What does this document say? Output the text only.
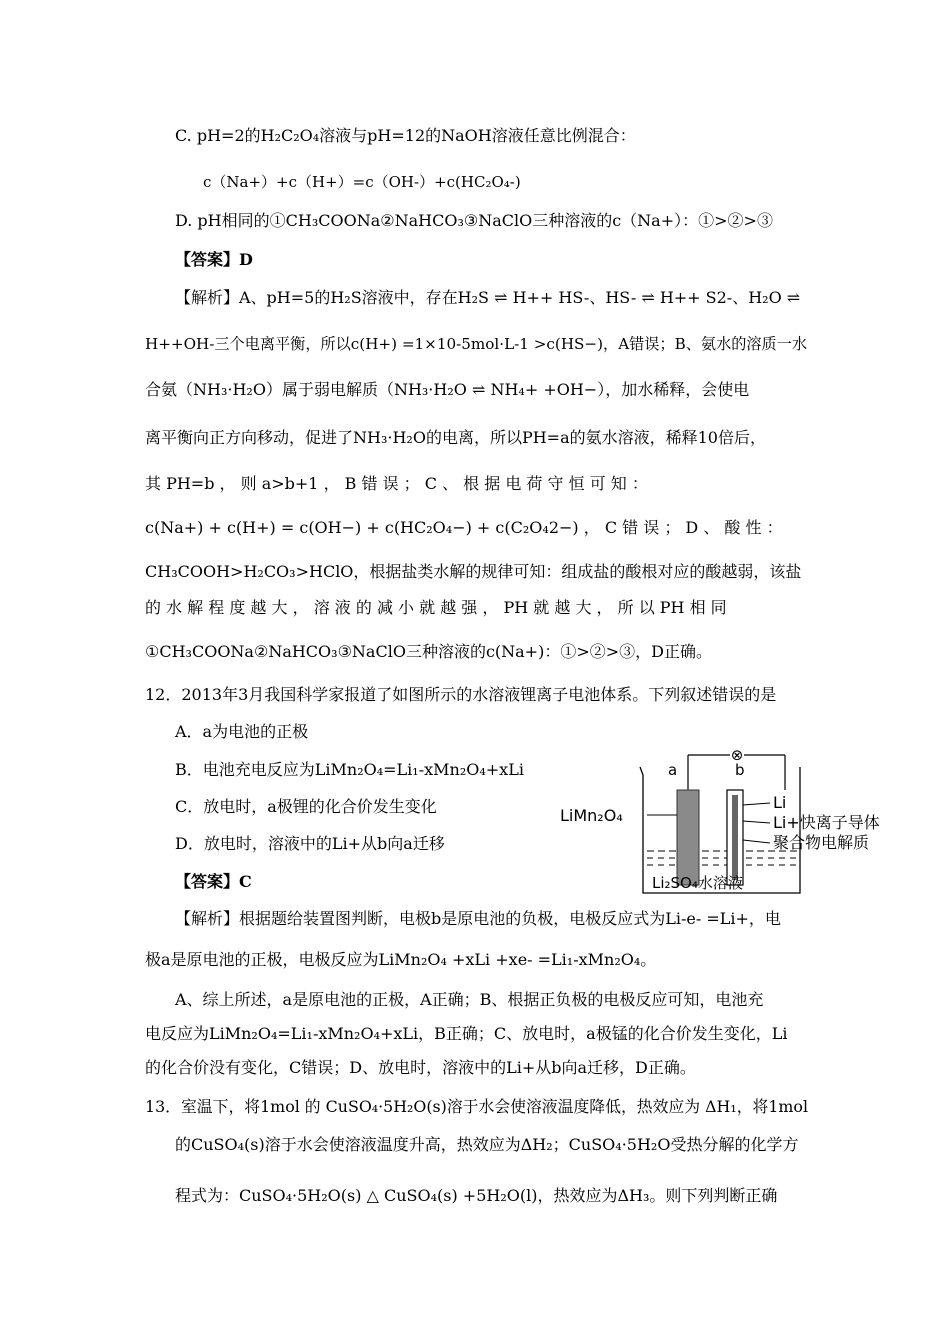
C. pH=2的H₂C₂O₄溶液与pH=12的NaOH溶液任意比例混合：
c（Na+）+c（H+）=c（OH-）+c(HC₂O₄-)
D. pH相同的①CH₃COONa②NaHCO₃③NaClO三种溶液的c（Na+）：①>②>③
【答案】D
【解析】A、pH=5的H₂S溶液中，存在H₂S ⇌ H++ HS-、HS- ⇌ H++ S2-、H₂O ⇌
H++OH-三个电离平衡，所以c(H+) =1×10-5mol·L-1 >c(HS−)，A错误；B、氨水的溶质一水
合氨（NH₃·H₂O）属于弱电解质（NH₃·H₂O ⇌ NH₄+ +OH−），加水稀释，会使电
离平衡向正方向移动，促进了NH₃·H₂O的电离，所以PH=a的氨水溶液，稀释10倍后，
其 PH=b ， 则 a>b+1 ， B 错 误 ； C 、 根 据 电 荷 守 恒 可 知 ：
c(Na+) + c(H+) = c(OH−) + c(HC₂O₄−) + c(C₂O₄2−) ， C 错 误 ； D 、 酸 性 ：
CH₃COOH>H₂CO₃>HClO，根据盐类水解的规律可知：组成盐的酸根对应的酸越弱，该盐
的 水 解 程 度 越 大 ， 溶 液 的 减 小 就 越 强 ， PH 就 越 大 ， 所 以 PH 相 同
①CH₃COONa②NaHCO₃③NaClO三种溶液的c(Na+)：①>②>③，D正确。
12．2013年3月我国科学家报道了如图所示的水溶液锂离子电池体系。下列叙述错误的是
A．a为电池的正极
B．电池充电反应为LiMn₂O₄=Li₁-xMn₂O₄+xLi
C．放电时，a极锂的化合价发生变化
D．放电时，溶液中的Li+从b向a迁移
【答案】C
⊗
a	b
LiMn₂O₄
Li
Li+快离子导体
聚合物电解质
Li₂SO₄水溶液
【解析】根据题给装置图判断，电极b是原电池的负极，电极反应式为Li-e- =Li+，电
极a是原电池的正极，电极反应为LiMn₂O₄ +xLi +xe- =Li₁-xMn₂O₄。
A、综上所述，a是原电池的正极，A正确；B、根据正负极的电极反应可知，电池充
电反应为LiMn₂O₄=Li₁-xMn₂O₄+xLi，B正确；C、放电时，a极锰的化合价发生变化，Li
的化合价没有变化，C错误；D、放电时，溶液中的Li+从b向a迁移，D正确。
13．室温下，将1mol 的 CuSO₄·5H₂O(s)溶于水会使溶液温度降低，热效应为 ΔH₁，将1mol
的CuSO₄(s)溶于水会使溶液温度升高，热效应为ΔH₂；CuSO₄·5H₂O受热分解的化学方
程式为：CuSO₄·5H₂O(s) △ CuSO₄(s) +5H₂O(l)，热效应为ΔH₃。则下列判断正确
